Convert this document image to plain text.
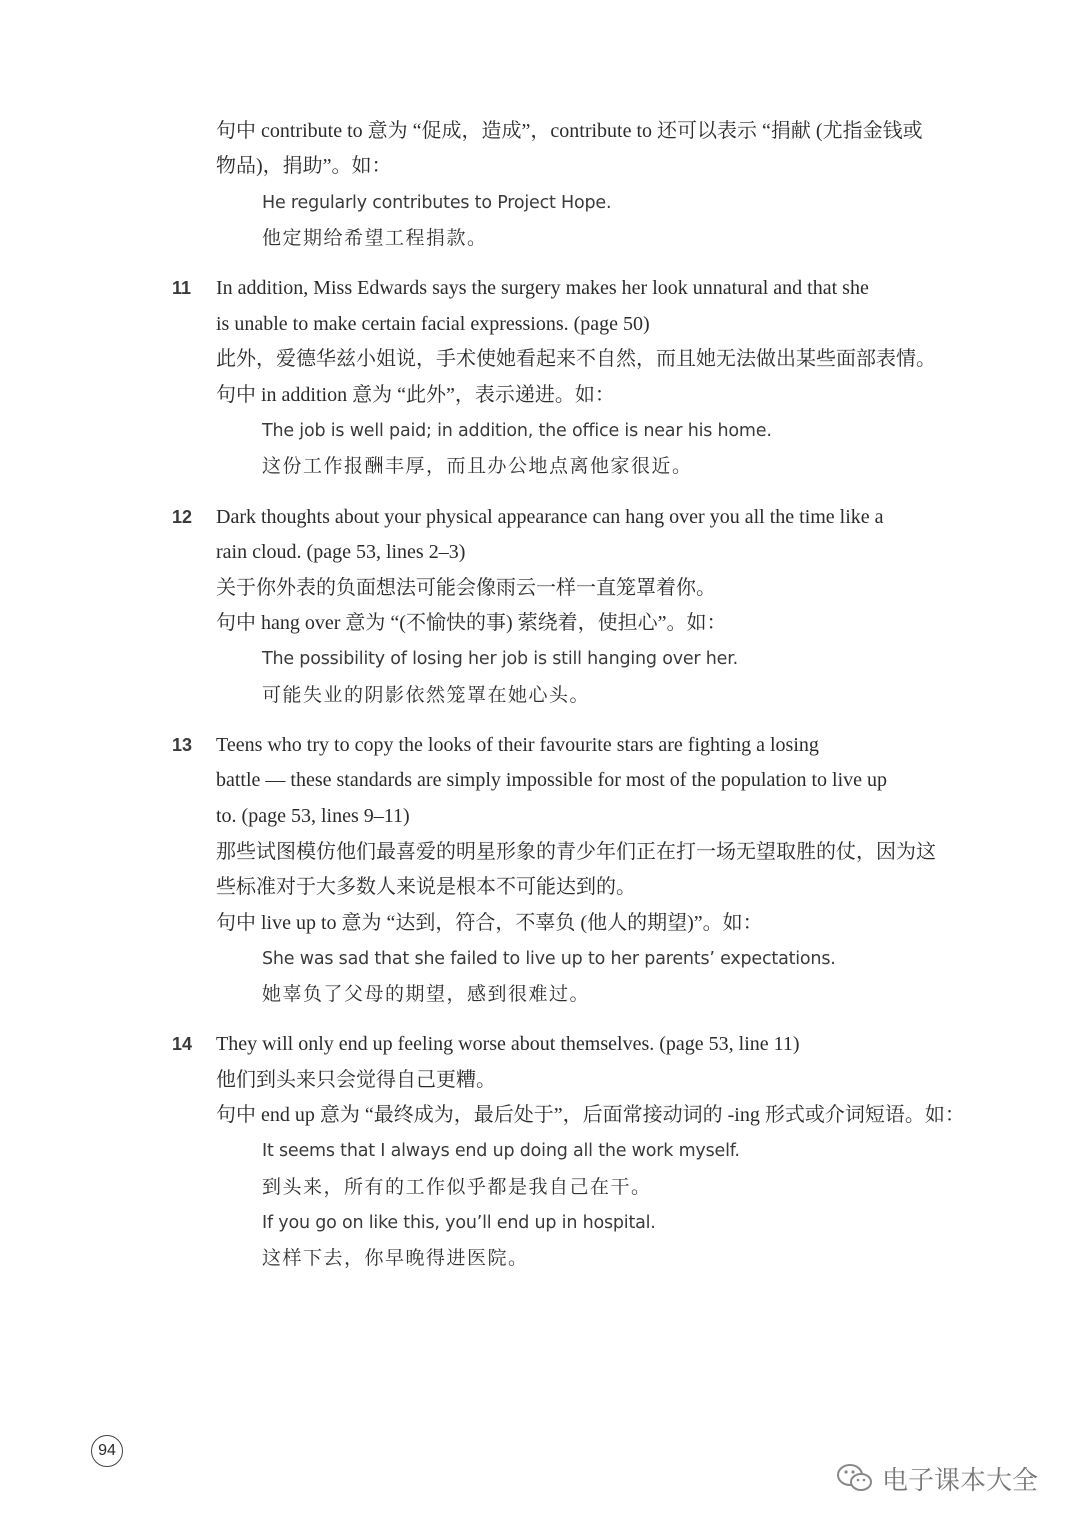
句中 contribute to 意为 “促成，造成”，contribute to 还可以表示 “捐献 (尤指金钱或
物品)，捐助”。如：
He regularly contributes to Project Hope.
他定期给希望工程捐款。
11 In addition, Miss Edwards says the surgery makes her look unnatural and that she
is unable to make certain facial expressions. (page 50)
此外，爱德华兹小姐说，手术使她看起来不自然，而且她无法做出某些面部表情。
句中 in addition 意为 “此外”，表示递进。如：
The job is well paid; in addition, the office is near his home.
这份工作报酬丰厚，而且办公地点离他家很近。
12 Dark thoughts about your physical appearance can hang over you all the time like a
rain cloud. (page 53, lines 2–3)
关于你外表的负面想法可能会像雨云一样一直笼罩着你。
句中 hang over 意为 “(不愉快的事) 萦绕着，使担心”。如：
The possibility of losing her job is still hanging over her.
可能失业的阴影依然笼罩在她心头。
13 Teens who try to copy the looks of their favourite stars are fighting a losing
battle — these standards are simply impossible for most of the population to live up
to. (page 53, lines 9–11)
那些试图模仿他们最喜爱的明星形象的青少年们正在打一场无望取胜的仗，因为这
些标准对于大多数人来说是根本不可能达到的。
句中 live up to 意为 “达到，符合，不辜负 (他人的期望)”。如：
She was sad that she failed to live up to her parents’ expectations.
她辜负了父母的期望，感到很难过。
14 They will only end up feeling worse about themselves. (page 53, line 11)
他们到头来只会觉得自己更糟。
句中 end up 意为 “最终成为，最后处于”，后面常接动词的 -ing 形式或介词短语。如：
It seems that I always end up doing all the work myself.
到头来，所有的工作似乎都是我自己在干。
If you go on like this, you’ll end up in hospital.
这样下去，你早晚得进医院。
94
电子课本大全
